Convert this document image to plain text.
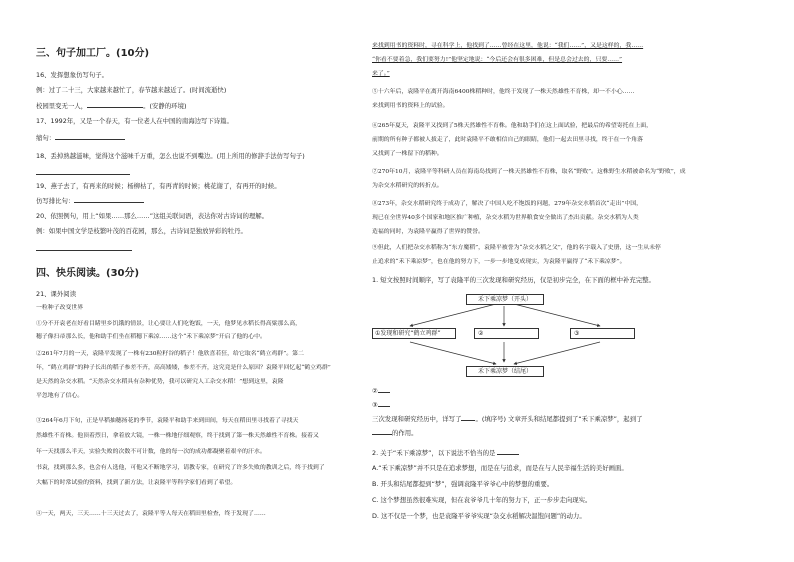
三、句子加工厂。(10分)
16、发挥想象仿写句子。
例：过了二十三，大家越来越忙了，春节越来越近了。(时间流逝快)
校园里变无一人，	。(安静的环境)
17、1992年，又是一个春天，有一位老人在中国的南海边写下诗篇。
缩句：
18、丢掉熟越滋味，觉得这个滋味千万重，怎么也说不到嘴边。(用上所用的修辞手法仿写句子)
19、燕子去了，有再来的时候；杨柳枯了，有再青的时候；桃花谢了，有再开的时候。
仿写排比句：
20、依照例句，用上“如果……那么……”这组关联词语，表达你对古诗词的理解。
例：如果中国文学是枝繁叶茂的百花园，那么，古诗词是独放异彩的牡丹。
四、快乐阅读。(30分)
21、课外阅读
一粒种子改变世界
①分不开袁老在好看目睹里乡饥饿的情景，让心要让人们吃饱饭，一天，他梦见水稻长得高粱那么高，
穗子像扫帚那么长，他和助手们坐在稻穗下乘凉……这个“禾下乘凉梦”开启了他的心中。
②261年7月的一天，袁隆平发现了一株有230粒籽谷的稻子！他欣喜若狂，给它取名“鹤立鸡群”。第二
年，“鹤立鸡群”的种子长出的稻子参差不齐，高高矮矮，参差不齐，这究竟是什么原因？袁隆平回忆起“鹤立鸡群”
是天然的杂交水稻。“天然杂交水稻具有杂种优势，我可以研究人工杂交水稻！”想到这里，袁隆
平忽地有了信心。
③264年6月下旬，正是早稻抽穗扬花的季节，袁隆平和助手来到田间，每天在稻田里寻找着了寻找天
然雄性不育株。他顶着烈日，拿着放大镜，一株一株地仔细观察，终于找到了第一株天然雄性不育株。接着又
年一天找那么半天，实验失败的次数不可计数，他的每一次的成功都凝聚着艰辛的汗水。
书袁，找到那么多，也会有人选他，可他又不断地学习，请教专家，在研究了许多失败的教训之后，终于找到了
大幅下的时常试验的资料，找到了新方法，让袁隆平等科学家们看到了希望。
④一天，两天，三天……十三天过去了，袁隆平等人每天在稻田里检查，终于发现了……
来找到用书的资料时，寻在科学上，他找到了……曾经在这里，他说：“我们……”，又是这样的，我……
“你看不要着急，我们要努力!”他坚定地说：“今后还会有很多困难，但是总会过去的，只要……”
来了。”
⑤十六年后，袁隆平在离开海南6400株稻种时，他终于发现了一株天然雄性不育株，却一不小心……
来找到用书的资料上的试验。
⑥265年夏天，袁隆平又找到了5株天然雄性不育株。他和助手们在这上面试验，把最后的希望寄托在上面，
前期的所有种子都被人拔走了，此时袁隆平不敢相信自己的眼睛，他们一起去田里寻找，终于在一个角落
又找到了一株留下的稻种。
⑦270年10月，袁隆平等科研人员在海南岛找到了一株天然雄性不育株，取名“野败”。这株野生水稻被命名为“野败”，成
为杂交水稻研究的转折点。
⑧273年，杂交水稻研究终于成功了，解决了中国人吃不饱饭的问题，279年杂交水稻首次“走出”中国，
现已在全世界40多个国家和地区推广种植，杂交水稻为世界粮食安全做出了杰出贡献。杂交水稻为人类
造福的同时，为袁隆平赢得了世界的赞誉。
⑨但此，人们把杂交水稻称为“东方魔稻”，袁隆平被誉为“杂交水稻之父”，他的名字载入了史册，这一生从未停
止追求的“禾下乘凉梦”，也在他的努力下，一步一步地变成现实，为袁隆平赢得了“禾下乘凉梦”。
1. 短文按照时间顺序，写了袁隆平的三次发现和研究经历，仅是初步完全，在下面的框中补充完整。
禾下乘凉梦（开头）
①发现和研究“鹤立鸡群”	②	③
禾下乘凉梦（结尾）
②
③
三次发现和研究经历中，详写了 。(填序号) 文章开头和结尾都提到了“禾下乘凉梦”，起到了
的作用。
2. 关于“禾下乘凉梦”，以下说法不恰当的是
A.“禾下乘凉梦”并不只是在追求梦想，而是在与追求，而是在与人民辛福生活的美好画面。
B. 开头和结尾都提到“梦”，强调袁隆平爷爷心中的梦想的重要。
C. 这个梦想虽然很难实现，但在袁爷爷几十年的努力下，正一步步走向现实。
D. 这不仅是一个梦，也是袁隆平爷爷实现“杂交水稻解决温饱问题”的动力。
